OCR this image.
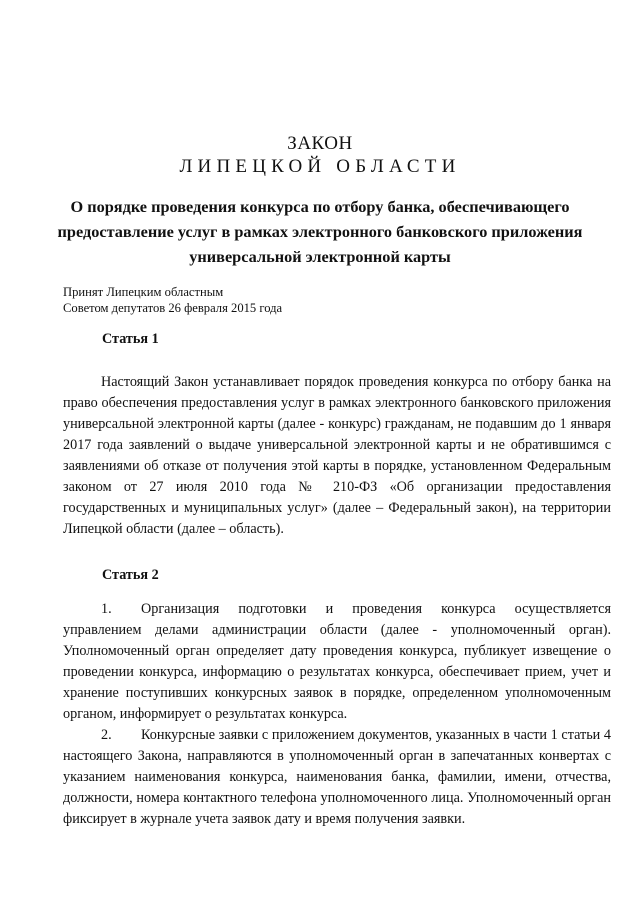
ЗАКОН
ЛИПЕЦКОЙ ОБЛАСТИ
О порядке проведения конкурса по отбору банка, обеспечивающего предоставление услуг в рамках электронного банковского приложения универсальной электронной карты
Принят Липецким областным
Советом депутатов 26 февраля 2015 года
Статья 1

Настоящий Закон устанавливает порядок проведения конкурса по отбору банка на право обеспечения предоставления услуг в рамках электронного банковского приложения универсальной электронной карты (далее - конкурс) гражданам, не подавшим до 1 января 2017 года заявлений о выдаче универсальной электронной карты и не обратившимся с заявлениями об отказе от получения этой карты в порядке, установленном Федеральным законом от 27 июля 2010 года № 210-ФЗ «Об организации предоставления государственных и муниципальных услуг» (далее – Федеральный закон), на территории Липецкой области (далее – область).

Статья 2

1. Организация подготовки и проведения конкурса осуществляется управлением делами администрации области (далее - уполномоченный орган). Уполномоченный орган определяет дату проведения конкурса, публикует извещение о проведении конкурса, информацию о результатах конкурса, обеспечивает прием, учет и хранение поступивших конкурсных заявок в порядке, определенном уполномоченным органом, информирует о результатах конкурса.

2. Конкурсные заявки с приложением документов, указанных в части 1 статьи 4 настоящего Закона, направляются в уполномоченный орган в запечатанных конвертах с указанием наименования конкурса, наименования банка, фамилии, имени, отчества, должности, номера контактного телефона уполномоченного лица. Уполномоченный орган фиксирует в журнале учета заявок дату и время получения заявки.
